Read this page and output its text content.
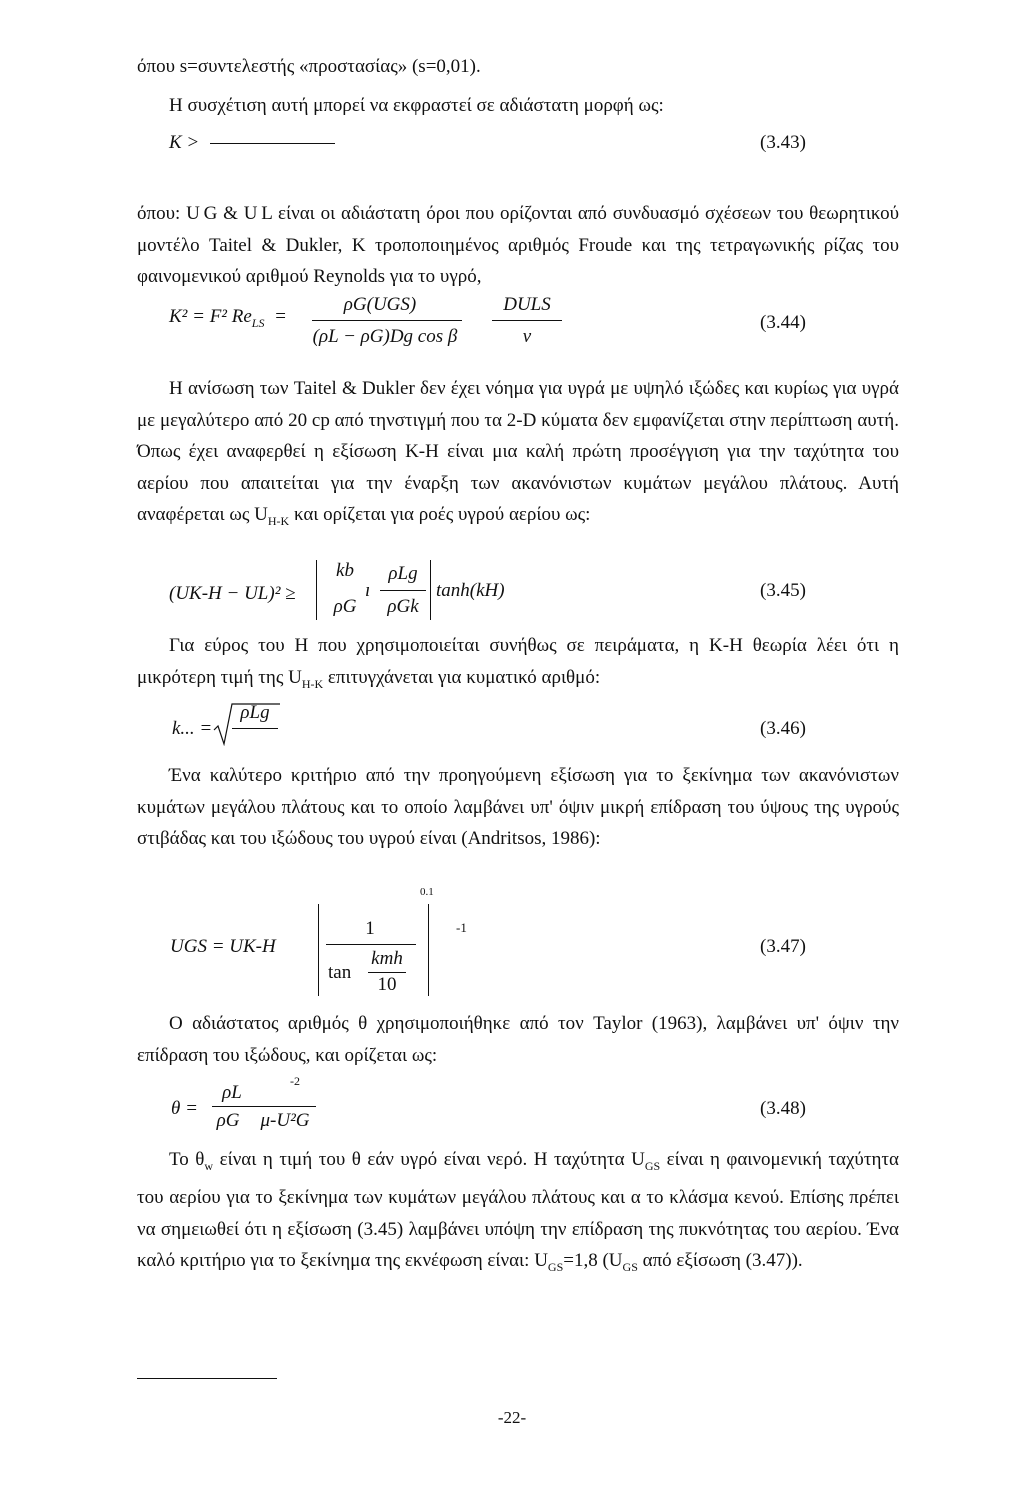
όπου s=συντελεστής «προστασίας» (s=0,01).

Η συσχέτιση αυτή μπορεί να εκφραστεί σε αδιάστατη μορφή ως:

K >	(3.43)

όπου: U G & U L είναι οι αδιάστατη όροι που ορίζονται από συνδυασμό σχέσεων του θεωρητικού μοντέλο Taitel & Dukler, K τροποποιημένος αριθμός Froude και της τετραγωνικής ρίζας του φαινομενικού αριθμού Reynolds για το υγρό,

K² = F² $Re_{LS}$ =
ρG(UGS)
(ρL − ρG)Dg cos β
DULS
ν
(3.44)

Η ανίσωση των Taitel & Dukler δεν έχει νόημα για υγρά με υψηλό ιξώδες και κυρίως για υγρά με μεγαλύτερο από 20 cp από τηνστιγμή που τα 2-D κύματα δεν εμφανίζεται στην περίπτωση αυτή. Όπως έχει αναφερθεί η εξίσωση Κ-Η είναι μια καλή πρώτη προσέγγιση για την ταχύτητα του αερίου που απαιτείται για την έναρξη των ακανόνιστων κυμάτων μεγάλου πλάτους. Αυτή αναφέρεται ως $U_{H-K}$ και ορίζεται για ροές υγρού αερίου ως:

(UK-H − UL)² ≥
kb
ρG
ı
ρLg
ρGk
tanh(kH)	(3.45)

Για εύρος του Η που χρησιμοποιείται συνήθως σε πειράματα, η Κ-Η θεωρία λέει ότι η μικρότερη τιμή της $U_{H-K}$ επιτυγχάνεται για κυματικό αριθμό:

k... =
ρLg
(3.46)

Ένα καλύτερο κριτήριο από την προηγούμενη εξίσωση για το ξεκίνημα των ακανόνιστων κυμάτων μεγάλου πλάτους και το οποίο λαμβάνει υπ' όψιν μικρή επίδραση του ύψους της υγρούς στιβάδας και του ιξώδους του υγρού είναι (Andritsos, 1986):

UGS = UK-H
0.1
1
tan
kmh
10
-1
(3.47)

Ο αδιάστατος αριθμός θ χρησιμοποιήθηκε από τον Taylor (1963), λαμβάνει υπ' όψιν την επίδραση του ιξώδους, και ορίζεται ως:

θ =
-2
ρL
ρG	μ-U²G
(3.48)

Το $\theta_w$ είναι η τιμή του θ εάν υγρό είναι νερό. Η ταχύτητα $U_{GS}$ είναι η φαινομενική ταχύτητα του αερίου για το ξεκίνημα των κυμάτων μεγάλου πλάτους και α το κλάσμα κενού. Επίσης πρέπει να σημειωθεί ότι η εξίσωση (3.45) λαμβάνει υπόψη την επίδραση της πυκνότητας του αερίου. Ένα καλό κριτήριο για το ξεκίνημα της εκνέφωση είναι: $U_{GS}=1,8$ ($U_{GS}$ από εξίσωση (3.47)).

-22-
